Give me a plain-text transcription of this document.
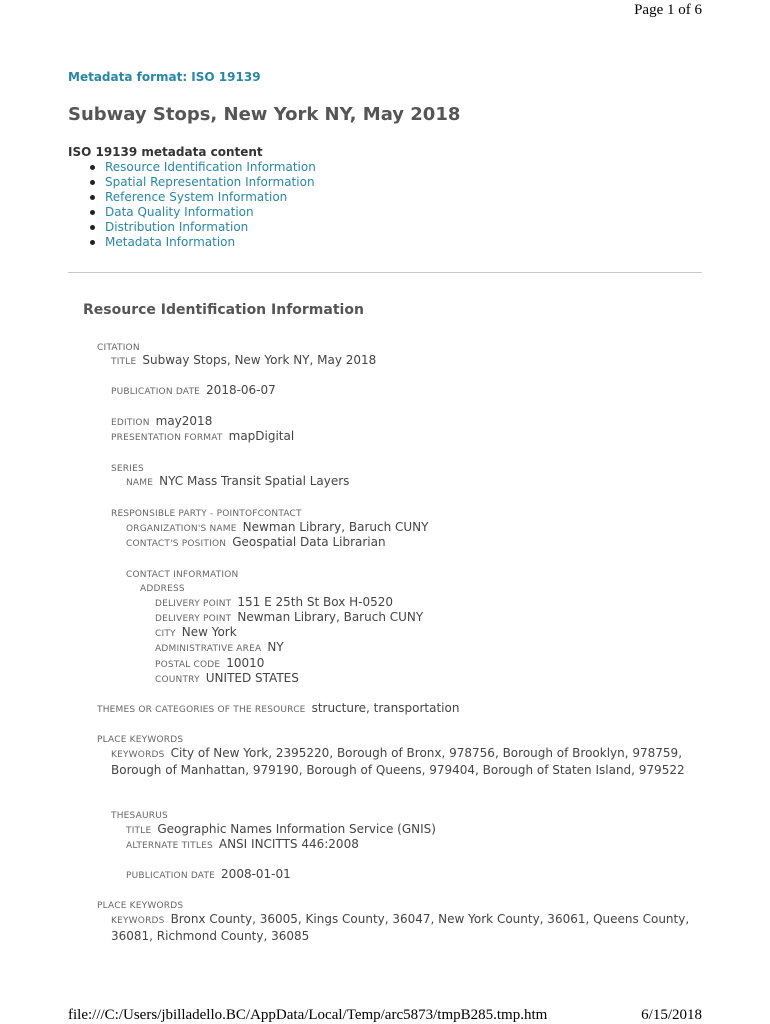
Page 1 of 6
Metadata format: ISO 19139
Subway Stops, New York NY, May 2018
ISO 19139 metadata content
Resource Identification Information
Spatial Representation Information
Reference System Information
Data Quality Information
Distribution Information
Metadata Information
Resource Identification Information
CITATION
TITLE Subway Stops, New York NY, May 2018
PUBLICATION DATE 2018-06-07
EDITION may2018
PRESENTATION FORMAT mapDigital
SERIES
NAME NYC Mass Transit Spatial Layers
RESPONSIBLE PARTY - POINTOFCONTACT
ORGANIZATION'S NAME Newman Library, Baruch CUNY
CONTACT'S POSITION Geospatial Data Librarian
CONTACT INFORMATION
ADDRESS
DELIVERY POINT 151 E 25th St Box H-0520
DELIVERY POINT Newman Library, Baruch CUNY
CITY New York
ADMINISTRATIVE AREA NY
POSTAL CODE 10010
COUNTRY UNITED STATES
THEMES OR CATEGORIES OF THE RESOURCE structure, transportation
PLACE KEYWORDS
KEYWORDS City of New York, 2395220, Borough of Bronx, 978756, Borough of Brooklyn, 978759, Borough of Manhattan, 979190, Borough of Queens, 979404, Borough of Staten Island, 979522
THESAURUS
TITLE Geographic Names Information Service (GNIS)
ALTERNATE TITLES ANSI INCITTS 446:2008
PUBLICATION DATE 2008-01-01
PLACE KEYWORDS
KEYWORDS Bronx County, 36005, Kings County, 36047, New York County, 36061, Queens County, 36081, Richmond County, 36085
file:///C:/Users/jbilladello.BC/AppData/Local/Temp/arc5873/tmpB285.tmp.htm	6/15/2018
